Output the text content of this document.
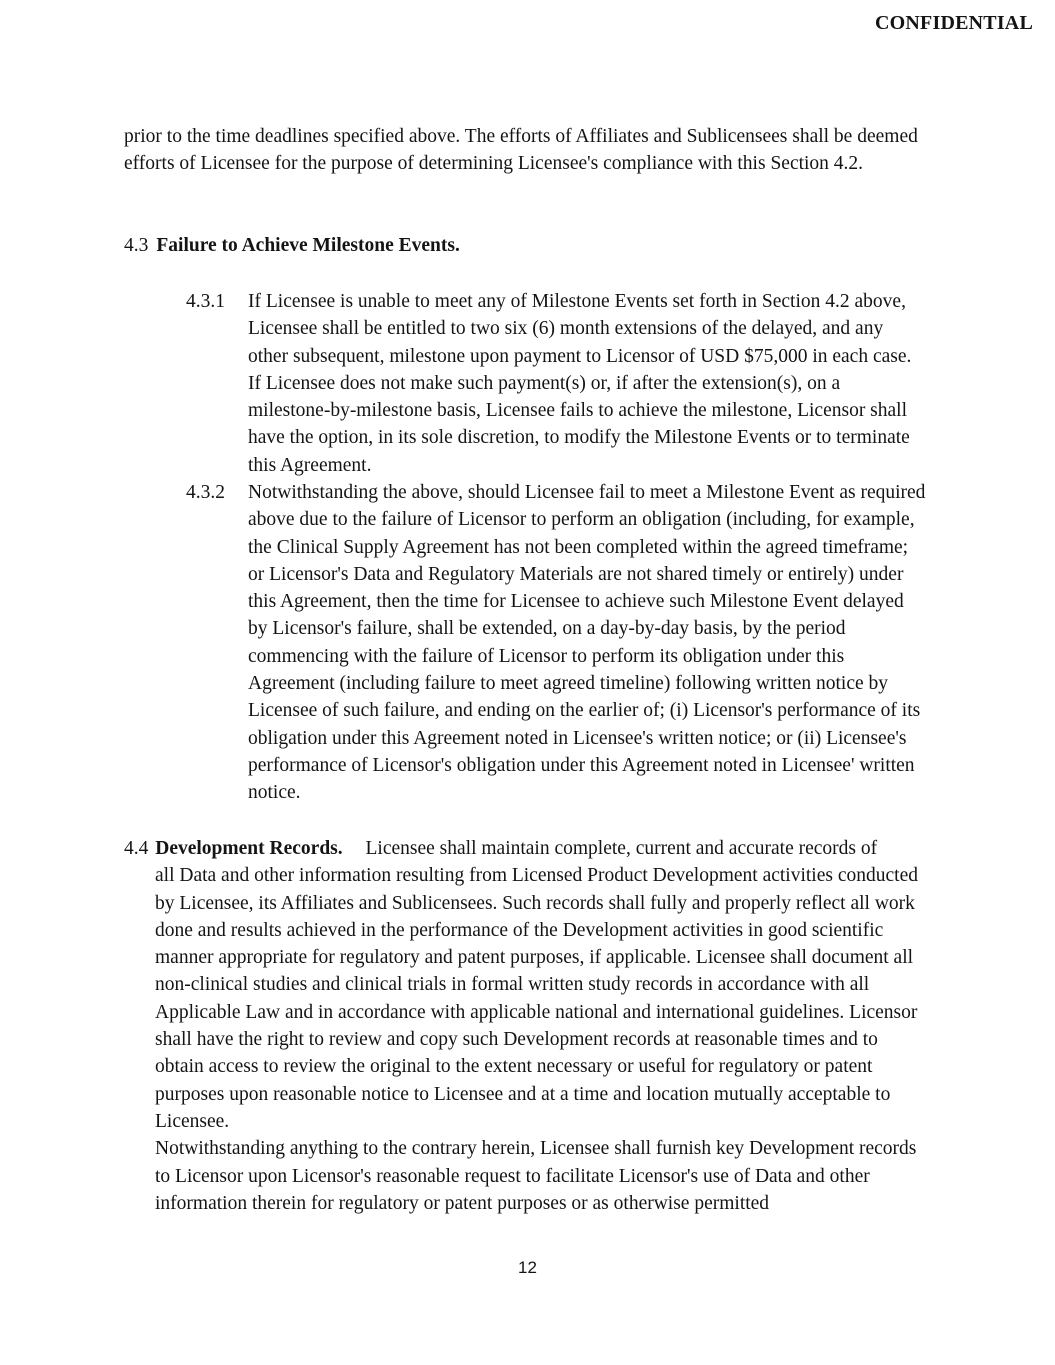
CONFIDENTIAL
prior to the time deadlines specified above. The efforts of Affiliates and Sublicensees shall be deemed efforts of Licensee for the purpose of determining Licensee's compliance with this Section 4.2.
4.3 Failure to Achieve Milestone Events.
4.3.1 If Licensee is unable to meet any of Milestone Events set forth in Section 4.2 above, Licensee shall be entitled to two six (6) month extensions of the delayed, and any other subsequent, milestone upon payment to Licensor of USD $75,000 in each case. If Licensee does not make such payment(s) or, if after the extension(s), on a milestone-by-milestone basis, Licensee fails to achieve the milestone, Licensor shall have the option, in its sole discretion, to modify the Milestone Events or to terminate this Agreement.
4.3.2 Notwithstanding the above, should Licensee fail to meet a Milestone Event as required above due to the failure of Licensor to perform an obligation (including, for example, the Clinical Supply Agreement has not been completed within the agreed timeframe; or Licensor's Data and Regulatory Materials are not shared timely or entirely) under this Agreement, then the time for Licensee to achieve such Milestone Event delayed by Licensor's failure, shall be extended, on a day-by-day basis, by the period commencing with the failure of Licensor to perform its obligation under this Agreement (including failure to meet agreed timeline) following written notice by Licensee of such failure, and ending on the earlier of; (i) Licensor's performance of its obligation under this Agreement noted in Licensee's written notice; or (ii) Licensee's performance of Licensor's obligation under this Agreement noted in Licensee' written notice.
4.4 Development Records. Licensee shall maintain complete, current and accurate records of
all Data and other information resulting from Licensed Product Development activities conducted by Licensee, its Affiliates and Sublicensees. Such records shall fully and properly reflect all work done and results achieved in the performance of the Development activities in good scientific manner appropriate for regulatory and patent purposes, if applicable. Licensee shall document all non-clinical studies and clinical trials in formal written study records in accordance with all Applicable Law and in accordance with applicable national and international guidelines. Licensor shall have the right to review and copy such Development records at reasonable times and to obtain access to review the original to the extent necessary or useful for regulatory or patent purposes upon reasonable notice to Licensee and at a time and location mutually acceptable to Licensee.
Notwithstanding anything to the contrary herein, Licensee shall furnish key Development records to Licensor upon Licensor's reasonable request to facilitate Licensor's use of Data and other information therein for regulatory or patent purposes or as otherwise permitted
12
